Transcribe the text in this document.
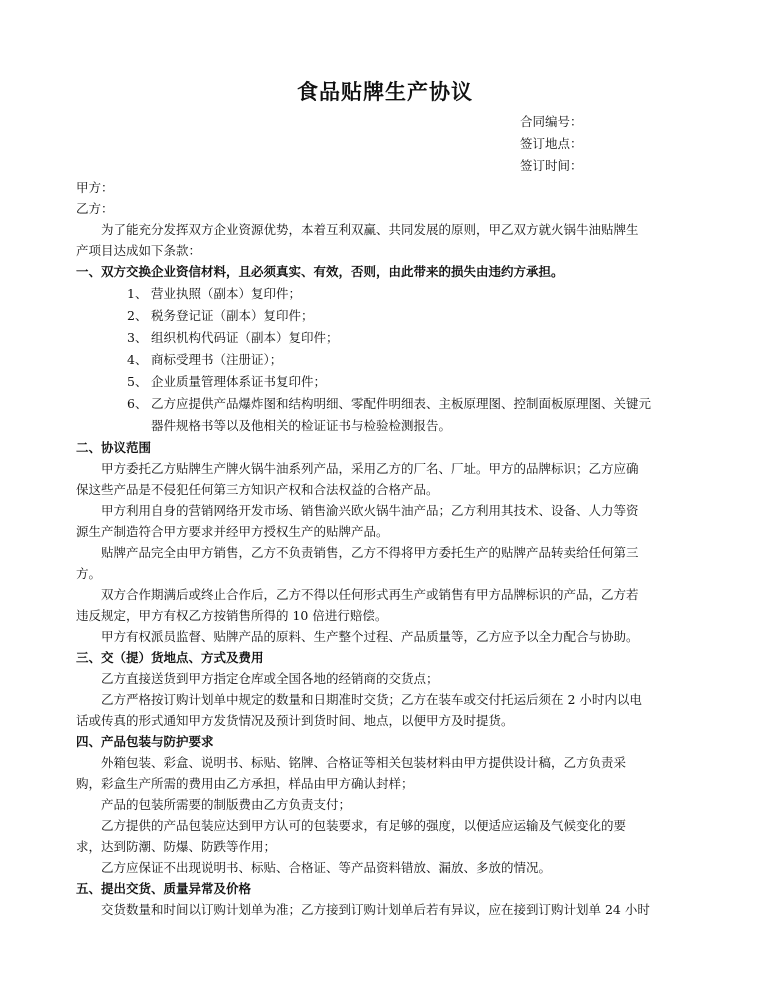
食品贴牌生产协议
合同编号：
签订地点：
签订时间：
甲方：
乙方：
为了能充分发挥双方企业资源优势，本着互利双赢、共同发展的原则，甲乙双方就火锅牛油贴牌生
产项目达成如下条款：
一、双方交换企业资信材料，且必须真实、有效，否则，由此带来的损失由违约方承担。
1、 营业执照（副本）复印件；
2、 税务登记证（副本）复印件；
3、 组织机构代码证（副本）复印件；
4、 商标受理书（注册证）；
5、 企业质量管理体系证书复印件；
6、 乙方应提供产品爆炸图和结构明细、零配件明细表、主板原理图、控制面板原理图、关键元
器件规格书等以及他相关的检证证书与检验检测报告。
二、协议范围
甲方委托乙方贴牌生产牌火锅牛油系列产品，采用乙方的厂名、厂址。甲方的品牌标识；乙方应确
保这些产品是不侵犯任何第三方知识产权和合法权益的合格产品。
甲方利用自身的营销网络开发市场、销售渝兴欧火锅牛油产品；乙方利用其技术、设备、人力等资
源生产制造符合甲方要求并经甲方授权生产的贴牌产品。
贴牌产品完全由甲方销售，乙方不负责销售，乙方不得将甲方委托生产的贴牌产品转卖给任何第三
方。
双方合作期满后或终止合作后，乙方不得以任何形式再生产或销售有甲方品牌标识的产品，乙方若
违反规定，甲方有权乙方按销售所得的 10 倍进行赔偿。
甲方有权派员监督、贴牌产品的原料、生产整个过程、产品质量等，乙方应予以全力配合与协助。
三、交（提）货地点、方式及费用
乙方直接送货到甲方指定仓库或全国各地的经销商的交货点；
乙方严格按订购计划单中规定的数量和日期准时交货；乙方在装车或交付托运后须在 2 小时内以电
话或传真的形式通知甲方发货情况及预计到货时间、地点，以便甲方及时提货。
四、产品包装与防护要求
外箱包装、彩盒、说明书、标贴、铭牌、合格证等相关包装材料由甲方提供设计稿，乙方负责采
购，彩盒生产所需的费用由乙方承担，样品由甲方确认封样；
产品的包装所需要的制版费由乙方负责支付；
乙方提供的产品包装应达到甲方认可的包装要求，有足够的强度，以便适应运输及气候变化的要
求，达到防潮、防爆、防跌等作用；
乙方应保证不出现说明书、标贴、合格证、等产品资料错放、漏放、多放的情况。
五、提出交货、质量异常及价格
交货数量和时间以订购计划单为准；乙方接到订购计划单后若有异议，应在接到订购计划单 24 小时
